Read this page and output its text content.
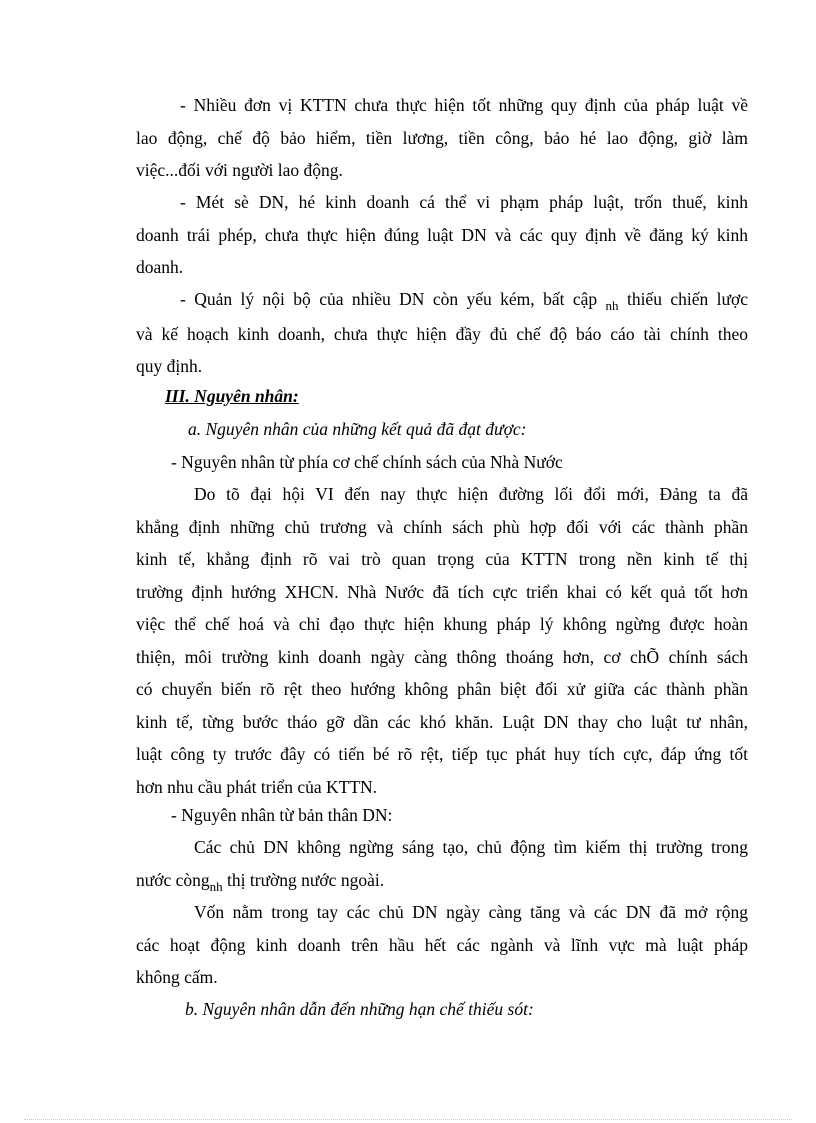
- Nhiều đơn vị KTTN chưa thực hiện tốt những quy định của pháp luật về
lao động, chế độ bảo hiểm, tiền lương, tiền công, bảo hé lao động, giờ làm
việc...đối với người lao động.
- Mét sè DN, hé kinh doanh cá thể vi phạm pháp luật, trốn thuế, kinh
doanh trái phép, chưa thực hiện đúng luật DN và các quy định về đăng ký kinh
doanh.
- Quản lý nội bộ của nhiều DN còn yếu kém, bất cập $_{nh}$ thiếu chiến lược
và kế hoạch kinh doanh, chưa thực hiện đầy đủ chế độ báo cáo tài chính theo
quy định.
III. Nguyên nhân:
a. Nguyên nhân của những kết quả đã đạt được:
- Nguyên nhân từ phía cơ chế chính sách của Nhà Nước
Do tõ đại hội VI đến nay thực hiện đường lối đổi mới, Đảng ta đã
khẳng định những chủ trương và chính sách phù hợp đối với các thành phần
kinh tế, khẳng định rõ vai trò quan trọng của KTTN trong nền kinh tế thị
trường định hướng XHCN. Nhà Nước đã tích cực triển khai có kết quả tốt hơn
việc thể chế hoá và chỉ đạo thực hiện khung pháp lý không ngừng được hoàn
thiện, môi trường kinh doanh ngày càng thông thoáng hơn, cơ chÕ chính sách
có chuyển biến rõ rệt theo hướng không phân biệt đối xử giữa các thành phần
kinh tế, từng bước tháo gỡ dần các khó khăn. Luật DN thay cho luật tư nhân,
luật công ty trước đây có tiến bé rõ rệt, tiếp tục phát huy tích cực, đáp ứng tốt
hơn nhu cầu phát triển của KTTN.
- Nguyên nhân từ bản thân DN:
Các chủ DN không ngừng sáng tạo, chủ động tìm kiếm thị trường trong
nước còng$_{nh}$ thị trường nước ngoài.
Vốn nằm trong tay các chủ DN ngày càng tăng và các DN đã mở rộng
các hoạt động kinh doanh trên hầu hết các ngành và lĩnh vực mà luật pháp
không cấm.
b. Nguyên nhân dẫn đến những hạn chế thiếu sót:
